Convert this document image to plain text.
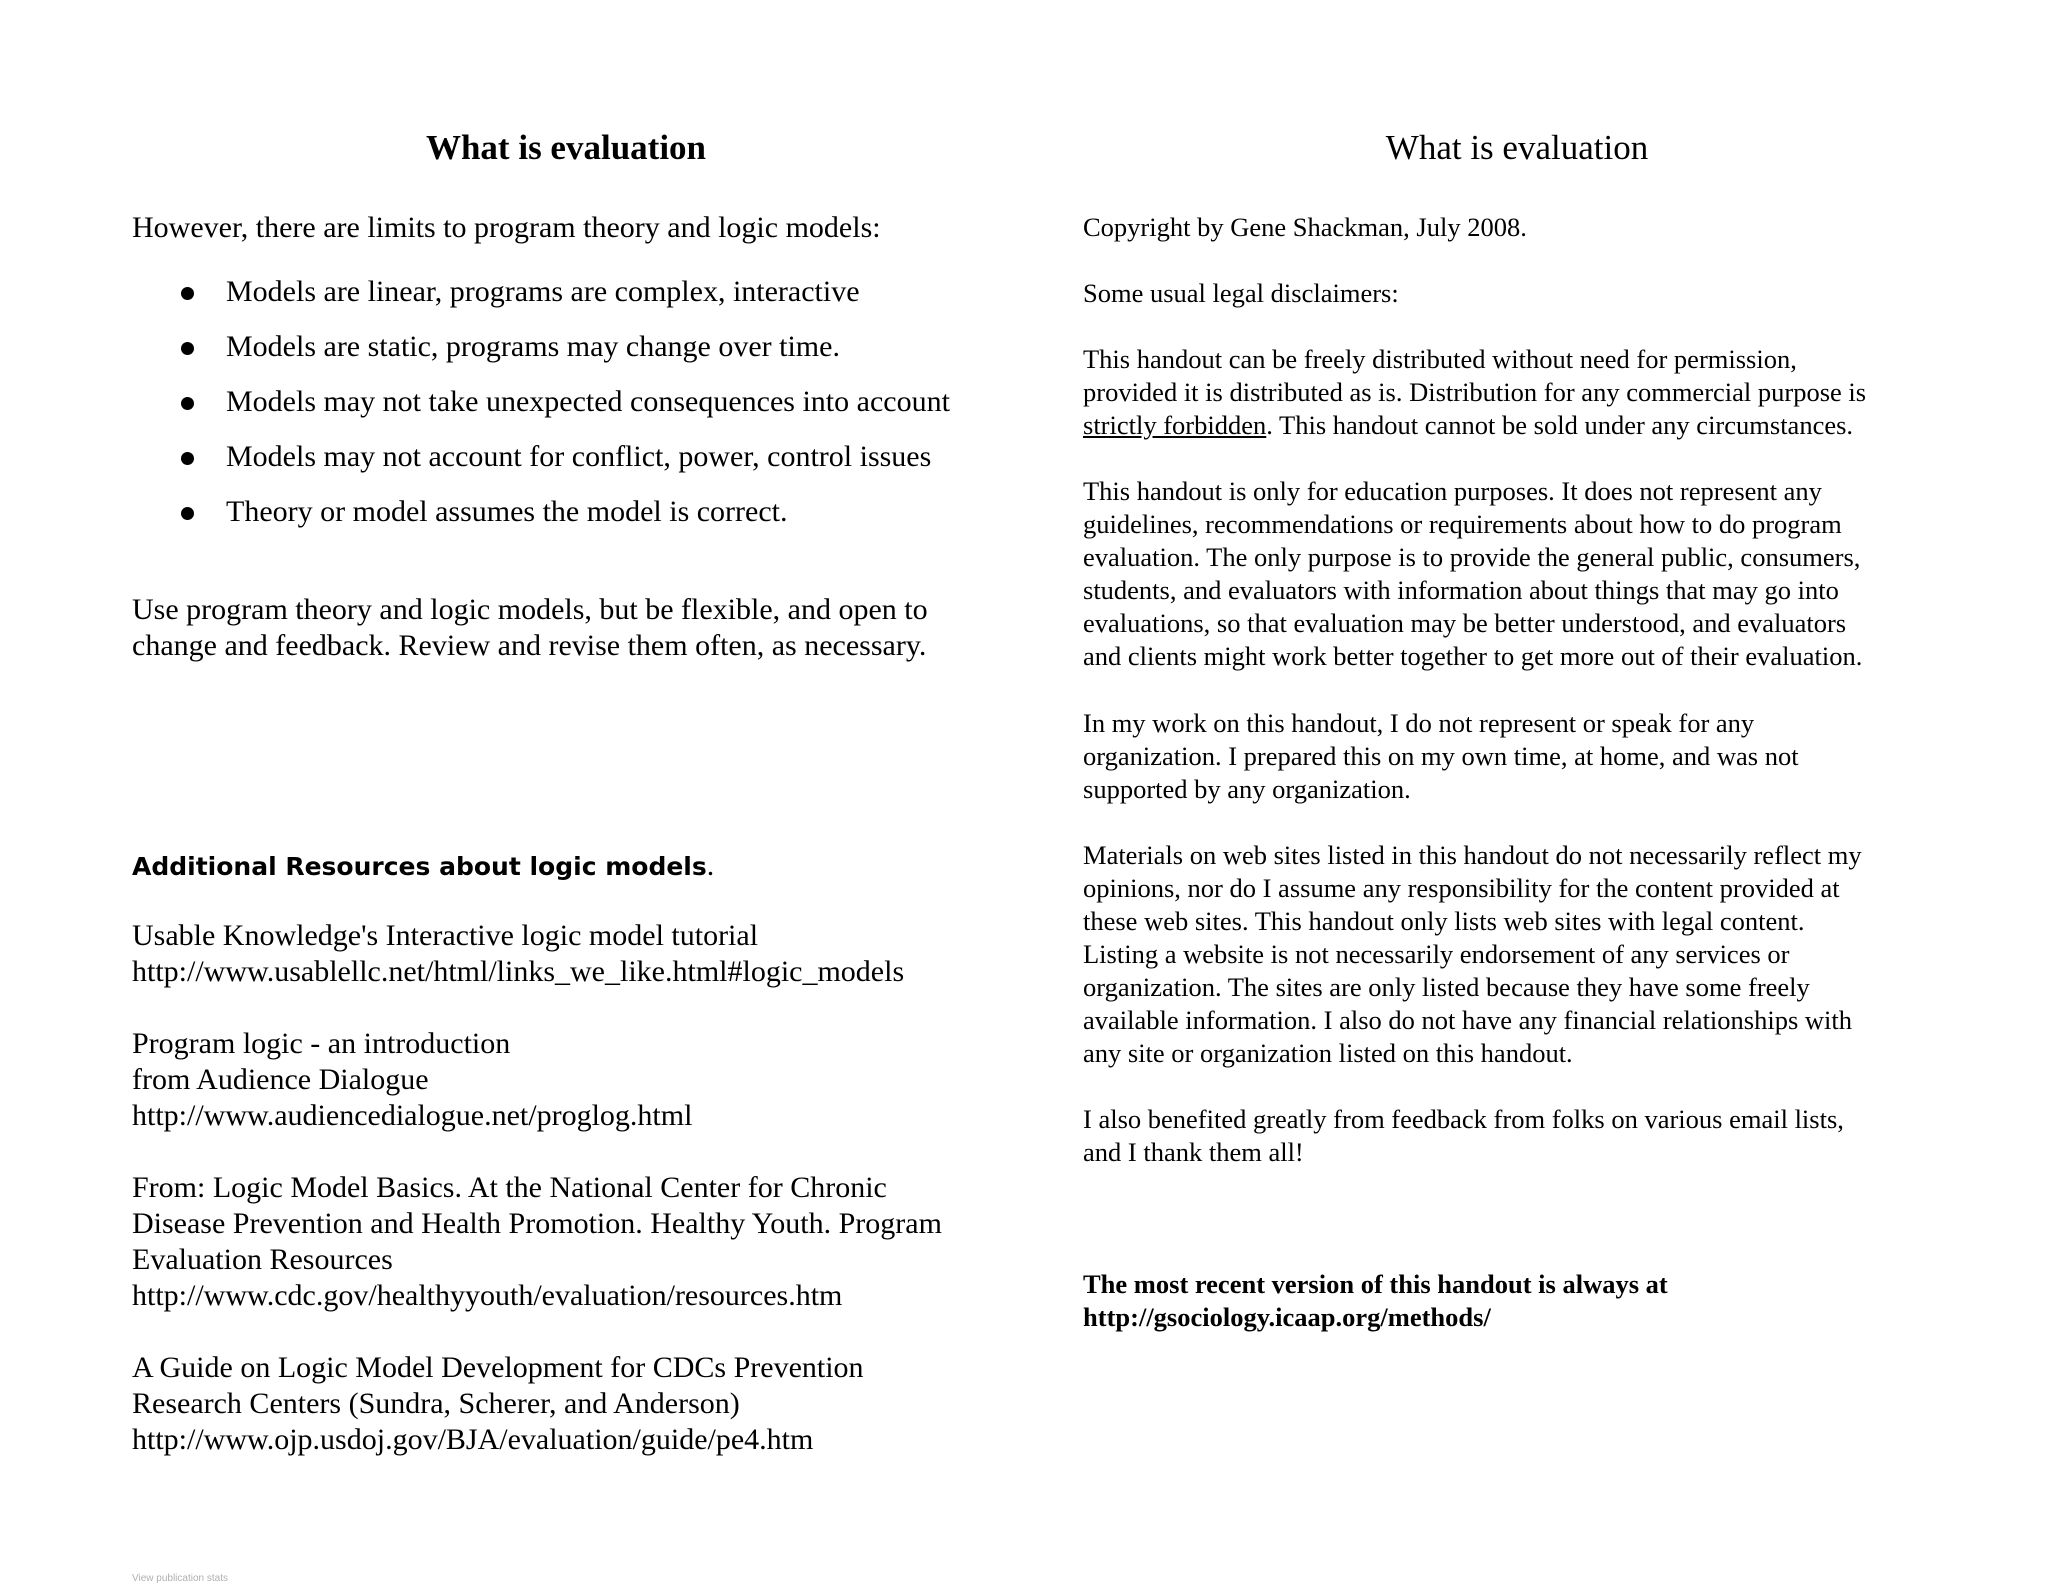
What is evaluation
However, there are limits to program theory and logic models:
Models are linear, programs are complex, interactive
Models are static, programs may change over time.
Models may not take unexpected consequences into account
Models may not account for conflict, power, control issues
Theory or model assumes the model is correct.
Use program theory and logic models, but be flexible, and open to
change and feedback. Review and revise them often, as necessary.
Additional Resources about logic models.
Usable Knowledge's Interactive logic model tutorial
http://www.usablellc.net/html/links_we_like.html#logic_models
Program logic - an introduction
from Audience Dialogue
http://www.audiencedialogue.net/proglog.html
From: Logic Model Basics. At the National Center for Chronic
Disease Prevention and Health Promotion. Healthy Youth. Program
Evaluation Resources
http://www.cdc.gov/healthyyouth/evaluation/resources.htm
A Guide on Logic Model Development for CDCs Prevention
Research Centers (Sundra, Scherer, and Anderson)
http://www.ojp.usdoj.gov/BJA/evaluation/guide/pe4.htm
What is evaluation
Copyright by Gene Shackman, July 2008.
Some usual legal disclaimers:
This handout can be freely distributed without need for permission,
provided it is distributed as is. Distribution for any commercial purpose is
strictly forbidden. This handout cannot be sold under any circumstances.
This handout is only for education purposes. It does not represent any
guidelines, recommendations or requirements about how to do program
evaluation. The only purpose is to provide the general public, consumers,
students, and evaluators with information about things that may go into
evaluations, so that evaluation may be better understood, and evaluators
and clients might work better together to get more out of their evaluation.
In my work on this handout, I do not represent or speak for any
organization. I prepared this on my own time, at home, and was not
supported by any organization.
Materials on web sites listed in this handout do not necessarily reflect my
opinions, nor do I assume any responsibility for the content provided at
these web sites. This handout only lists web sites with legal content.
Listing a website is not necessarily endorsement of any services or
organization. The sites are only listed because they have some freely
available information. I also do not have any financial relationships with
any site or organization listed on this handout.
I also benefited greatly from feedback from folks on various email lists,
and I thank them all!
The most recent version of this handout is always at
http://gsociology.icaap.org/methods/
View publication stats
